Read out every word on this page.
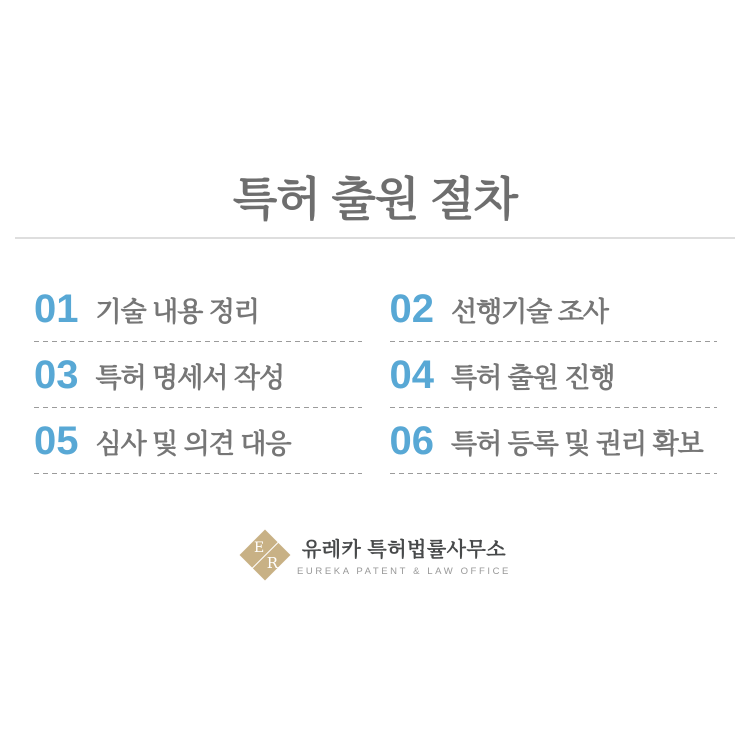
특허 출원 절차
01 기술 내용 정리	02 선행기술 조사
03 특허 명세서 작성	04 특허 출원 진행
05 심사 및 의견 대응 06 특허 등록 및 권리 확보
E
R
유레카 특허법률사무소
EUREKA PATENT & LAW OFFICE
